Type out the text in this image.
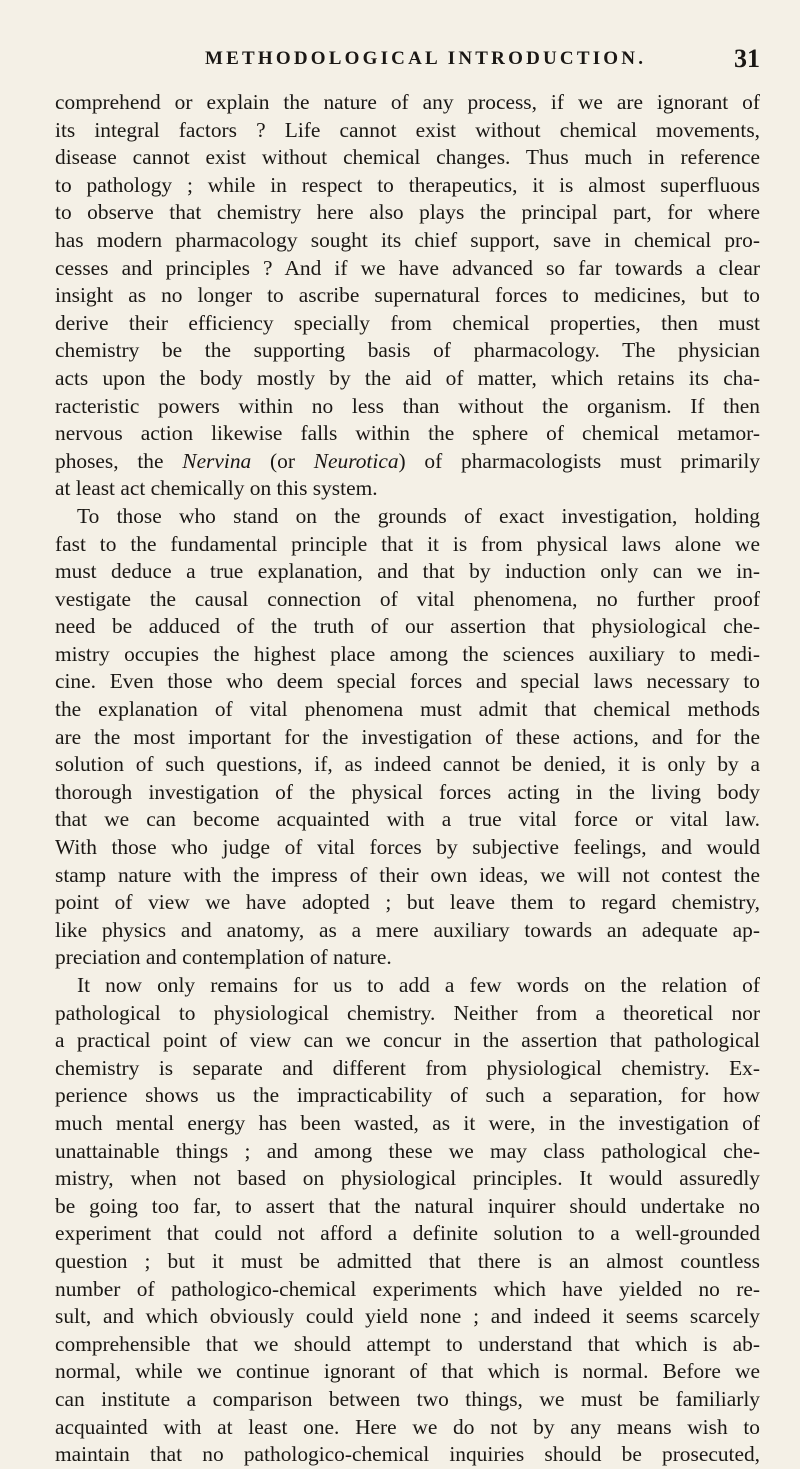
METHODOLOGICAL INTRODUCTION.	31
comprehend or explain the nature of any process, if we are ignorant of
its integral factors ? Life cannot exist without chemical movements,
disease cannot exist without chemical changes. Thus much in reference
to pathology ; while in respect to therapeutics, it is almost superfluous
to observe that chemistry here also plays the principal part, for where
has modern pharmacology sought its chief support, save in chemical pro-
cesses and principles ? And if we have advanced so far towards a clear
insight as no longer to ascribe supernatural forces to medicines, but to
derive their efficiency specially from chemical properties, then must
chemistry be the supporting basis of pharmacology. The physician
acts upon the body mostly by the aid of matter, which retains its cha-
racteristic powers within no less than without the organism. If then
nervous action likewise falls within the sphere of chemical metamor-
phoses, the Nervina (or Neurotica) of pharmacologists must primarily
at least act chemically on this system.
To those who stand on the grounds of exact investigation, holding
fast to the fundamental principle that it is from physical laws alone we
must deduce a true explanation, and that by induction only can we in-
vestigate the causal connection of vital phenomena, no further proof
need be adduced of the truth of our assertion that physiological che-
mistry occupies the highest place among the sciences auxiliary to medi-
cine. Even those who deem special forces and special laws necessary to
the explanation of vital phenomena must admit that chemical methods
are the most important for the investigation of these actions, and for the
solution of such questions, if, as indeed cannot be denied, it is only by a
thorough investigation of the physical forces acting in the living body
that we can become acquainted with a true vital force or vital law.
With those who judge of vital forces by subjective feelings, and would
stamp nature with the impress of their own ideas, we will not contest the
point of view we have adopted ; but leave them to regard chemistry,
like physics and anatomy, as a mere auxiliary towards an adequate ap-
preciation and contemplation of nature.
It now only remains for us to add a few words on the relation of
pathological to physiological chemistry. Neither from a theoretical nor
a practical point of view can we concur in the assertion that pathological
chemistry is separate and different from physiological chemistry. Ex-
perience shows us the impracticability of such a separation, for how
much mental energy has been wasted, as it were, in the investigation of
unattainable things ; and among these we may class pathological che-
mistry, when not based on physiological principles. It would assuredly
be going too far, to assert that the natural inquirer should undertake no
experiment that could not afford a definite solution to a well-grounded
question ; but it must be admitted that there is an almost countless
number of pathologico-chemical experiments which have yielded no re-
sult, and which obviously could yield none ; and indeed it seems scarcely
comprehensible that we should attempt to understand that which is ab-
normal, while we continue ignorant of that which is normal. Before we
can institute a comparison between two things, we must be familiarly
acquainted with at least one. Here we do not by any means wish to
maintain that no pathologico-chemical inquiries should be prosecuted,
